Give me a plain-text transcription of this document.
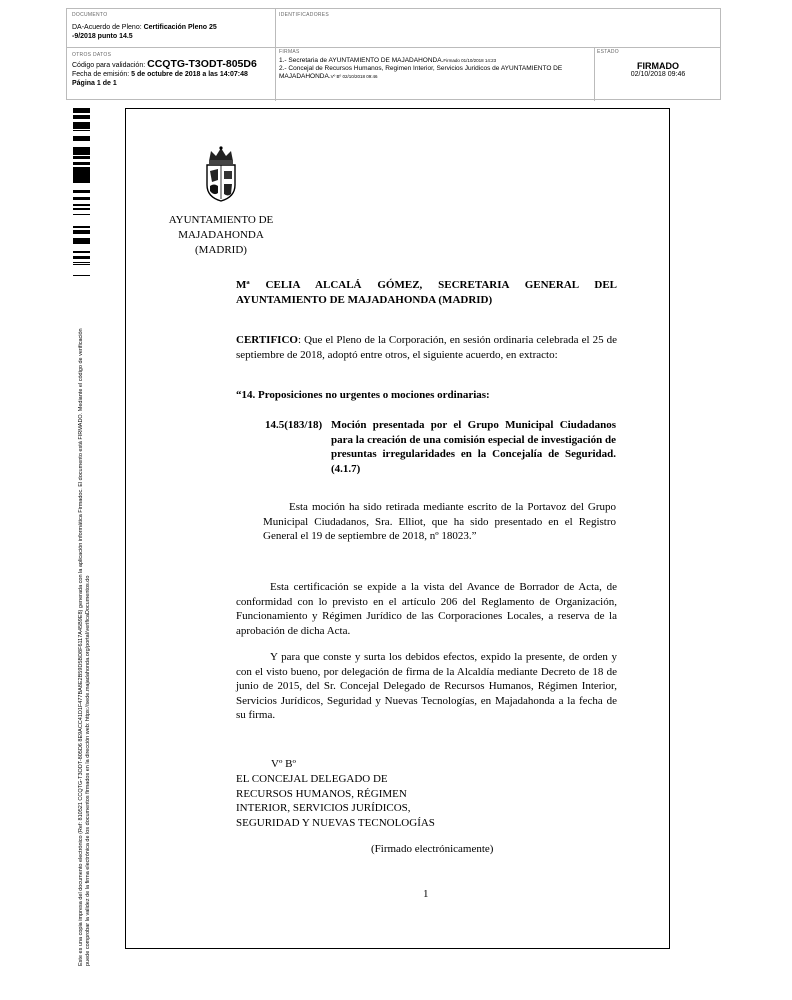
DOCUMENTO
DA-Acuerdo de Pleno: Certificación Pleno 25
-9/2018 punto 14.5
IDENTIFICADORES
OTROS DATOS
Código para validación: CCQTG-T3ODT-805D6
Fecha de emisión: 5 de octubre de 2018 a las 14:07:48
Página 1 de 1
FIRMAS
1.- Secretaria de AYUNTAMIENTO DE MAJADAHONDA.Firmado 01/10/2018 14:23
2.- Concejal de Recursos Humanos, Regimen Interior, Servicios Juridicos de AYUNTAMIENTO DE
MAJADAHONDA.Vº Bº 02/10/2018 09:46
ESTADO
FIRMADO
02/10/2018 09:46
Este es una copia impresa del documento electrónico (Ref: 810521 CCQTG-T3ODT-805D6 8E9ACC41D1F477BA8E2B59D5BD8F6117A45B9E8) generada con la aplicación informática Firmadoc. El documento está FIRMADO. Mediante el código de verificación puede comprobar la validez de la firma electrónica de los documentos firmados en la dirección web: https://sede.majadahonda.org/portal/verificaDocumentos.do
AYUNTAMIENTO DE
MAJADAHONDA
(MADRID)
Mª CELIA ALCALÁ GÓMEZ, SECRETARIA GENERAL DEL
AYUNTAMIENTO DE MAJADAHONDA (MADRID)
CERTIFICO: Que el Pleno de la Corporación, en sesión ordinaria celebrada el 25 de septiembre de 2018, adoptó entre otros, el siguiente acuerdo, en extracto:
“14. Proposiciones no urgentes o mociones ordinarias:
14.5(183/18) Moción presentada por el Grupo Municipal Ciudadanos para la creación de una comisión especial de investigación de presuntas irregularidades en la Concejalía de Seguridad. (4.1.7)
Esta moción ha sido retirada mediante escrito de la Portavoz del Grupo Municipal Ciudadanos, Sra. Elliot, que ha sido presentado en el Registro General el 19 de septiembre de 2018, nº 18023.”
Esta certificación se expide a la vista del Avance de Borrador de Acta, de conformidad con lo previsto en el artículo 206 del Reglamento de Organización, Funcionamiento y Régimen Jurídico de las Corporaciones Locales, a reserva de la aprobación de dicha Acta.
Y para que conste y surta los debidos efectos, expido la presente, de orden y con el visto bueno, por delegación de firma de la Alcaldía mediante Decreto de 18 de junio de 2015, del Sr. Concejal Delegado de Recursos Humanos, Régimen Interior, Servicios Jurídicos, Seguridad y Nuevas Tecnologías, en Majadahonda a la fecha de su firma.
Vº Bº
EL CONCEJAL DELEGADO DE
RECURSOS HUMANOS, RÉGIMEN
INTERIOR, SERVICIOS JURÍDICOS,
SEGURIDAD Y NUEVAS TECNOLOGÍAS
(Firmado electrónicamente)
1
